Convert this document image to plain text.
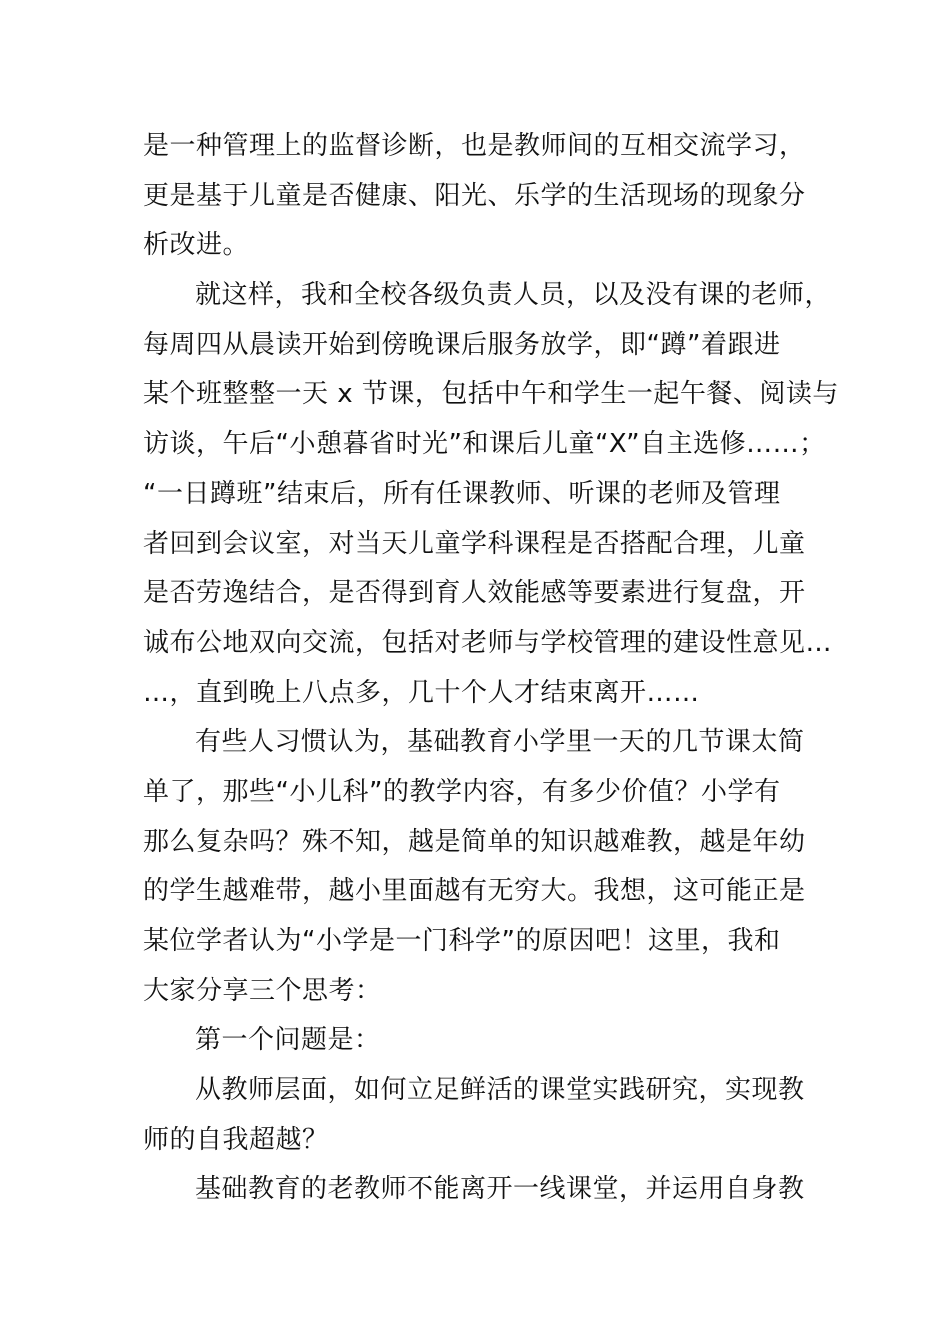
是一种管理上的监督诊断，也是教师间的互相交流学习，
更是基于儿童是否健康、阳光、乐学的生活现场的现象分
析改进。
就这样，我和全校各级负责人员，以及没有课的老师，
每周四从晨读开始到傍晚课后服务放学，即“蹲”着跟进
某个班整整一天 x 节课，包括中午和学生一起午餐、阅读与
访谈，午后“小憩暮省时光”和课后儿童“X”自主选修……；
“一日蹲班”结束后，所有任课教师、听课的老师及管理
者回到会议室，对当天儿童学科课程是否搭配合理，儿童
是否劳逸结合，是否得到育人效能感等要素进行复盘，开
诚布公地双向交流，包括对老师与学校管理的建设性意见…
…，直到晚上八点多，几十个人才结束离开……
有些人习惯认为，基础教育小学里一天的几节课太简
单了，那些“小儿科”的教学内容，有多少价值？小学有
那么复杂吗？殊不知，越是简单的知识越难教，越是年幼
的学生越难带，越小里面越有无穷大。我想，这可能正是
某位学者认为“小学是一门科学”的原因吧！这里，我和
大家分享三个思考：
第一个问题是：
从教师层面，如何立足鲜活的课堂实践研究，实现教
师的自我超越？
基础教育的老教师不能离开一线课堂，并运用自身教
